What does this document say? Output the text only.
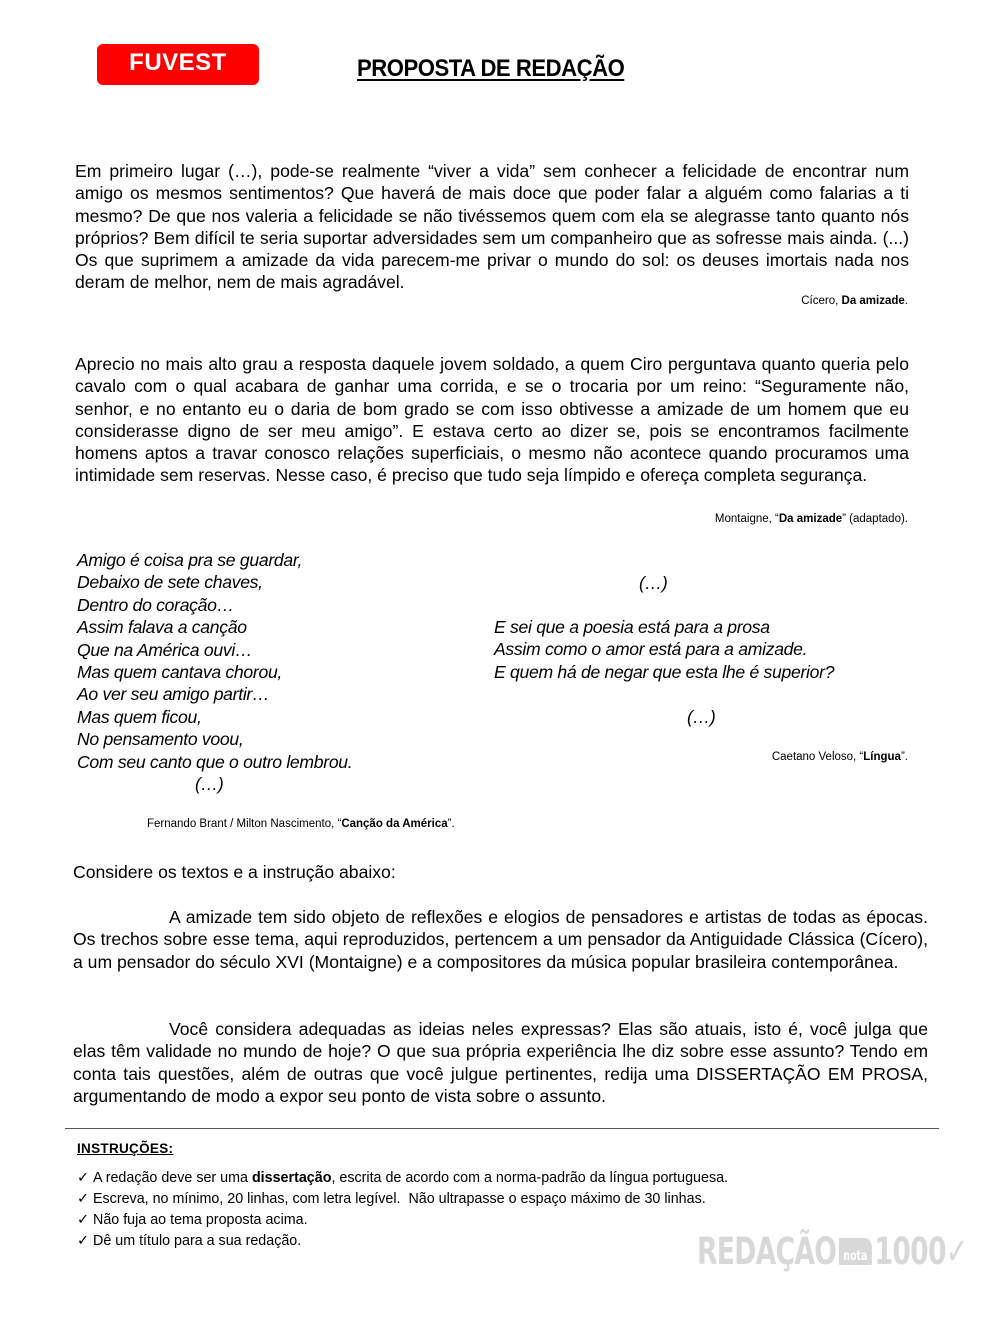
FUVEST	PROPOSTA DE REDAÇÃO

Em primeiro lugar (…), pode-se realmente “viver a vida” sem conhecer a felicidade de encontrar num amigo os mesmos sentimentos? Que haverá de mais doce que poder falar a alguém como falarias a ti mesmo? De que nos valeria a felicidade se não tivéssemos quem com ela se alegrasse tanto quanto nós próprios? Bem difícil te seria suportar adversidades sem um companheiro que as sofresse mais ainda. (...) Os que suprimem a amizade da vida parecem-me privar o mundo do sol: os deuses imortais nada nos deram de melhor, nem de mais agradável.

Cícero, Da amizade.

Aprecio no mais alto grau a resposta daquele jovem soldado, a quem Ciro perguntava quanto queria pelo cavalo com o qual acabara de ganhar uma corrida, e se o trocaria por um reino: “Seguramente não, senhor, e no entanto eu o daria de bom grado se com isso obtivesse a amizade de um homem que eu considerasse digno de ser meu amigo”. E estava certo ao dizer se, pois se encontramos facilmente homens aptos a travar conosco relações superficiais, o mesmo não acontece quando procuramos uma intimidade sem reservas. Nesse caso, é preciso que tudo seja límpido e ofereça completa segurança.

Montaigne, “Da amizade” (adaptado).
Amigo é coisa pra se guardar,
Debaixo de sete chaves,
Dentro do coração…
Assim falava a canção
Que na América ouvi…
Mas quem cantava chorou,
Ao ver seu amigo partir…
Mas quem ficou,
No pensamento voou,
Com seu canto que o outro lembrou.
(…)
Fernando Brant / Milton Nascimento, “Canção da América”.
(…)
E sei que a poesia está para a prosa
Assim como o amor está para a amizade.
E quem há de negar que esta lhe é superior?
(…)
Caetano Veloso, “Língua”.
Considere os textos e a instrução abaixo:

A amizade tem sido objeto de reflexões e elogios de pensadores e artistas de todas as épocas. Os trechos sobre esse tema, aqui reproduzidos, pertencem a um pensador da Antiguidade Clássica (Cícero), a um pensador do século XVI (Montaigne) e a compositores da música popular brasileira contemporânea.

Você considera adequadas as ideias neles expressas? Elas são atuais, isto é, você julga que elas têm validade no mundo de hoje? O que sua própria experiência lhe diz sobre esse assunto? Tendo em conta tais questões, além de outras que você julgue pertinentes, redija uma DISSERTAÇÃO EM PROSA, argumentando de modo a expor seu ponto de vista sobre o assunto.

INSTRUÇÕES:
✓ A redação deve ser uma dissertação, escrita de acordo com a norma-padrão da língua portuguesa.
✓ Escreva, no mínimo, 20 linhas, com letra legível.  Não ultrapasse o espaço máximo de 30 linhas.
✓ Não fuja ao tema proposta acima.
✓ Dê um título para a sua redação.	REDAÇÃO nota 1000 ✓
